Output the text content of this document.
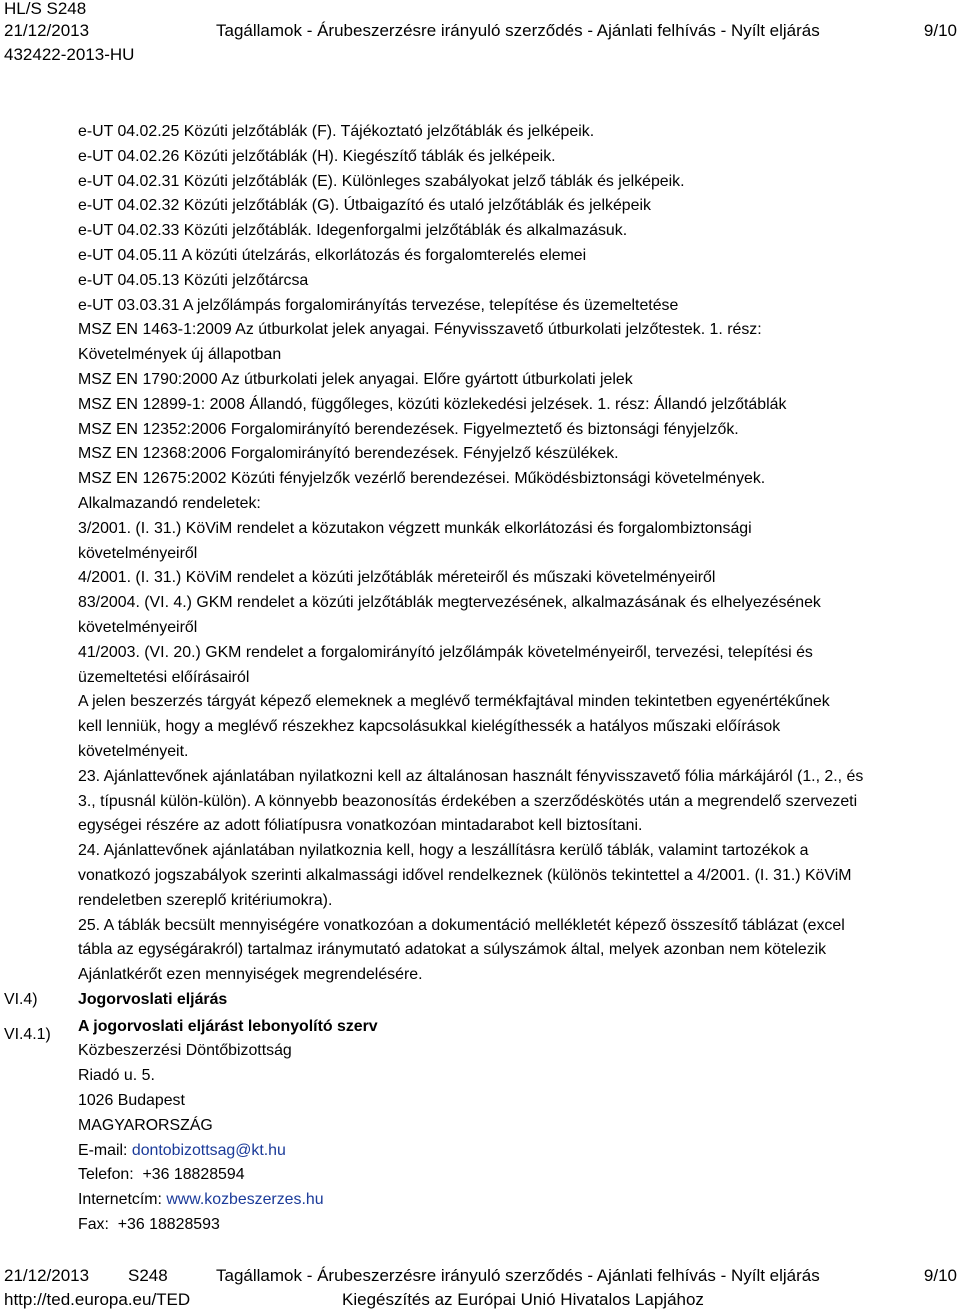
HL/S S248
21/12/2013
432422-2013-HU
Tagállamok - Árubeszerzésre irányuló szerződés - Ajánlati felhívás - Nyílt eljárás	9/10
e-UT 04.02.25 Közúti jelzőtáblák (F). Tájékoztató jelzőtáblák és jelképeik.
e-UT 04.02.26 Közúti jelzőtáblák (H). Kiegészítő táblák és jelképeik.
e-UT 04.02.31 Közúti jelzőtáblák (E). Különleges szabályokat jelző táblák és jelképeik.
e-UT 04.02.32 Közúti jelzőtáblák (G). Útbaigazító és utaló jelzőtáblák és jelképeik
e-UT 04.02.33 Közúti jelzőtáblák. Idegenforgalmi jelzőtáblák és alkalmazásuk.
e-UT 04.05.11 A közúti útelzárás, elkorlátozás és forgalomterelés elemei
e-UT 04.05.13 Közúti jelzőtárcsa
e-UT 03.03.31 A jelzőlámpás forgalomirányítás tervezése, telepítése és üzemeltetése
MSZ EN 1463-1:2009 Az útburkolat jelek anyagai. Fényvisszavető útburkolati jelzőtestek. 1. rész:
Követelmények új állapotban
MSZ EN 1790:2000 Az útburkolati jelek anyagai. Előre gyártott útburkolati jelek
MSZ EN 12899-1: 2008 Állandó, függőleges, közúti közlekedési jelzések. 1. rész: Állandó jelzőtáblák
MSZ EN 12352:2006 Forgalomirányító berendezések. Figyelmeztető és biztonsági fényjelzők.
MSZ EN 12368:2006 Forgalomirányító berendezések. Fényjelző készülékek.
MSZ EN 12675:2002 Közúti fényjelzők vezérlő berendezései. Működésbiztonsági követelmények.
Alkalmazandó rendeletek:
3/2001. (I. 31.) KöViM rendelet a közutakon végzett munkák elkorlátozási és forgalombiztonsági
követelményeiről
4/2001. (I. 31.) KöViM rendelet a közúti jelzőtáblák méreteiről és műszaki követelményeiről
83/2004. (VI. 4.) GKM rendelet a közúti jelzőtáblák megtervezésének, alkalmazásának és elhelyezésének
követelményeiről
41/2003. (VI. 20.) GKM rendelet a forgalomirányító jelzőlámpák követelményeiről, tervezési, telepítési és
üzemeltetési előírásairól
A jelen beszerzés tárgyát képező elemeknek a meglévő termékfajtával minden tekintetben egyenértékűnek
kell lenniük, hogy a meglévő részekhez kapcsolásukkal kielégíthessék a hatályos műszaki előírások
követelményeit.
23. Ajánlattevőnek ajánlatában nyilatkozni kell az általánosan használt fényvisszavető fólia márkájáról (1., 2., és
3., típusnál külön-külön). A könnyebb beazonosítás érdekében a szerződéskötés után a megrendelő szervezeti
egységei részére az adott fóliatípusra vonatkozóan mintadarabot kell biztosítani.
24. Ajánlattevőnek ajánlatában nyilatkoznia kell, hogy a leszállításra kerülő táblák, valamint tartozékok a
vonatkozó jogszabályok szerinti alkalmassági idővel rendelkeznek (különös tekintettel a 4/2001. (I. 31.) KöViM
rendeletben szereplő kritériumokra).
25. A táblák becsült mennyiségére vonatkozóan a dokumentáció mellékletét képező összesítő táblázat (excel
tábla az egységárakról) tartalmaz iránymutató adatokat a súlyszámok által, melyek azonban nem kötelezik
Ajánlatkérőt ezen mennyiségek megrendelésére.
Jogorvoslati eljárás
A jogorvoslati eljárást lebonyolító szerv
Közbeszerzési Döntőbizottság
Riadó u. 5.
1026 Budapest
MAGYARORSZÁG
E-mail: dontobizottsag@kt.hu
Telefon: +36 18828594
Internetcím: www.kozbeszerzes.hu
Fax: +36 18828593
VI.4)
VI.4.1)
21/12/2013 S248	Tagállamok - Árubeszerzésre irányuló szerződés - Ajánlati felhívás - Nyílt eljárás	9/10
http://ted.europa.eu/TED	Kiegészítés az Európai Unió Hivatalos Lapjához
